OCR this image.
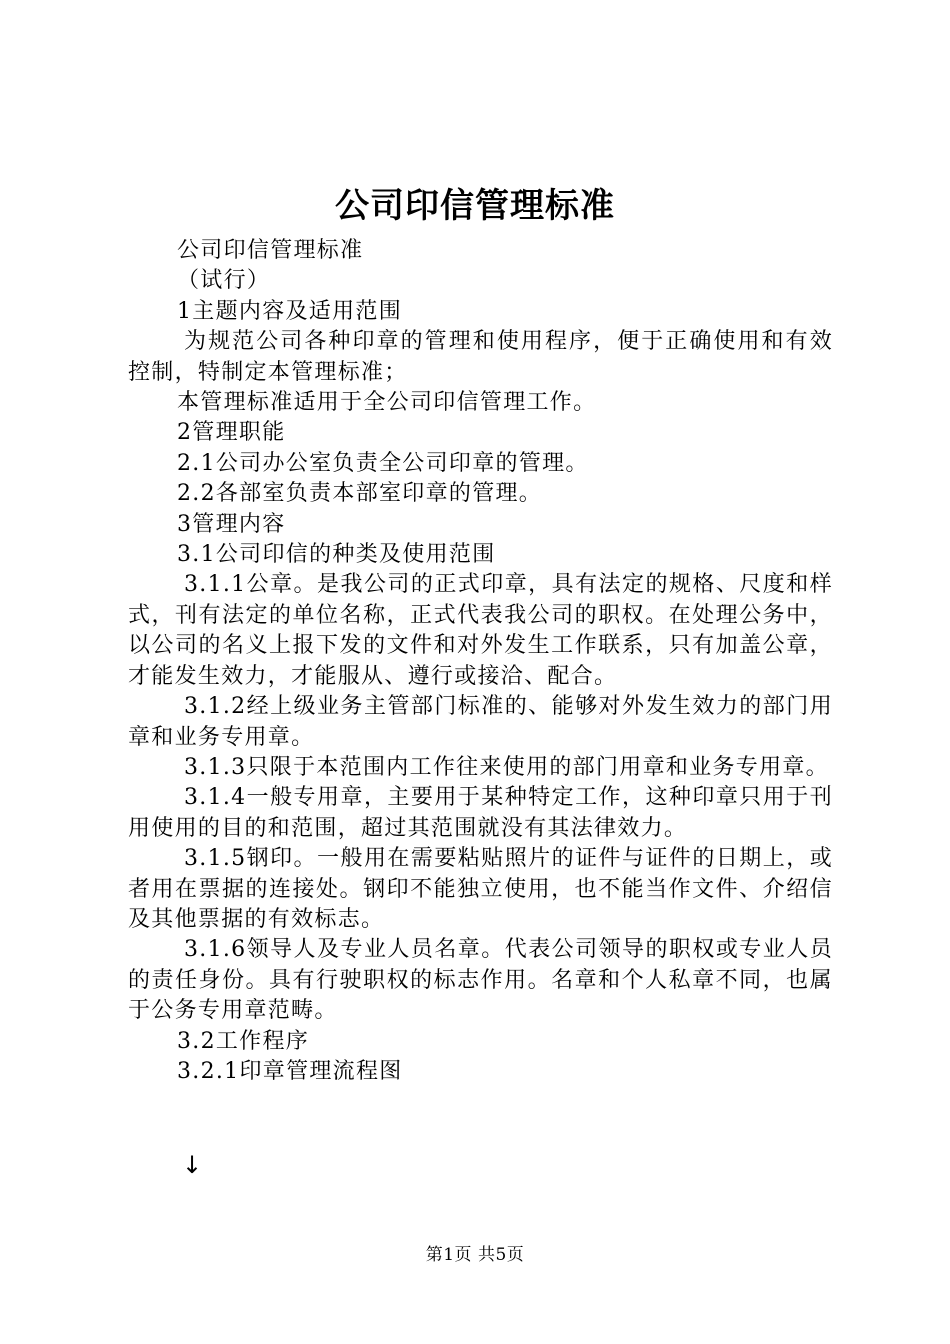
公司印信管理标准

公司印信管理标准

（试行）

1主题内容及适用范围

为规范公司各种印章的管理和使用程序，便于正确使用和有效控制，特制定本管理标准；

本管理标准适用于全公司印信管理工作。

2管理职能

2.1公司办公室负责全公司印章的管理。

2.2各部室负责本部室印章的管理。

3管理内容

3.1公司印信的种类及使用范围

3.1.1公章。是我公司的正式印章，具有法定的规格、尺度和样式，刊有法定的单位名称，正式代表我公司的职权。在处理公务中，以公司的名义上报下发的文件和对外发生工作联系，只有加盖公章，才能发生效力，才能服从、遵行或接洽、配合。

3.1.2经上级业务主管部门标准的、能够对外发生效力的部门用章和业务专用章。

3.1.3只限于本范围内工作往来使用的部门用章和业务专用章。

3.1.4一般专用章，主要用于某种特定工作，这种印章只用于刊用使用的目的和范围，超过其范围就没有其法律效力。

3.1.5钢印。一般用在需要粘贴照片的证件与证件的日期上，或者用在票据的连接处。钢印不能独立使用，也不能当作文件、介绍信及其他票据的有效标志。

3.1.6领导人及专业人员名章。代表公司领导的职权或专业人员的责任身份。具有行驶职权的标志作用。名章和个人私章不同，也属于公务专用章范畴。

3.2工作程序

3.2.1印章管理流程图

↓
第1页 共5页
